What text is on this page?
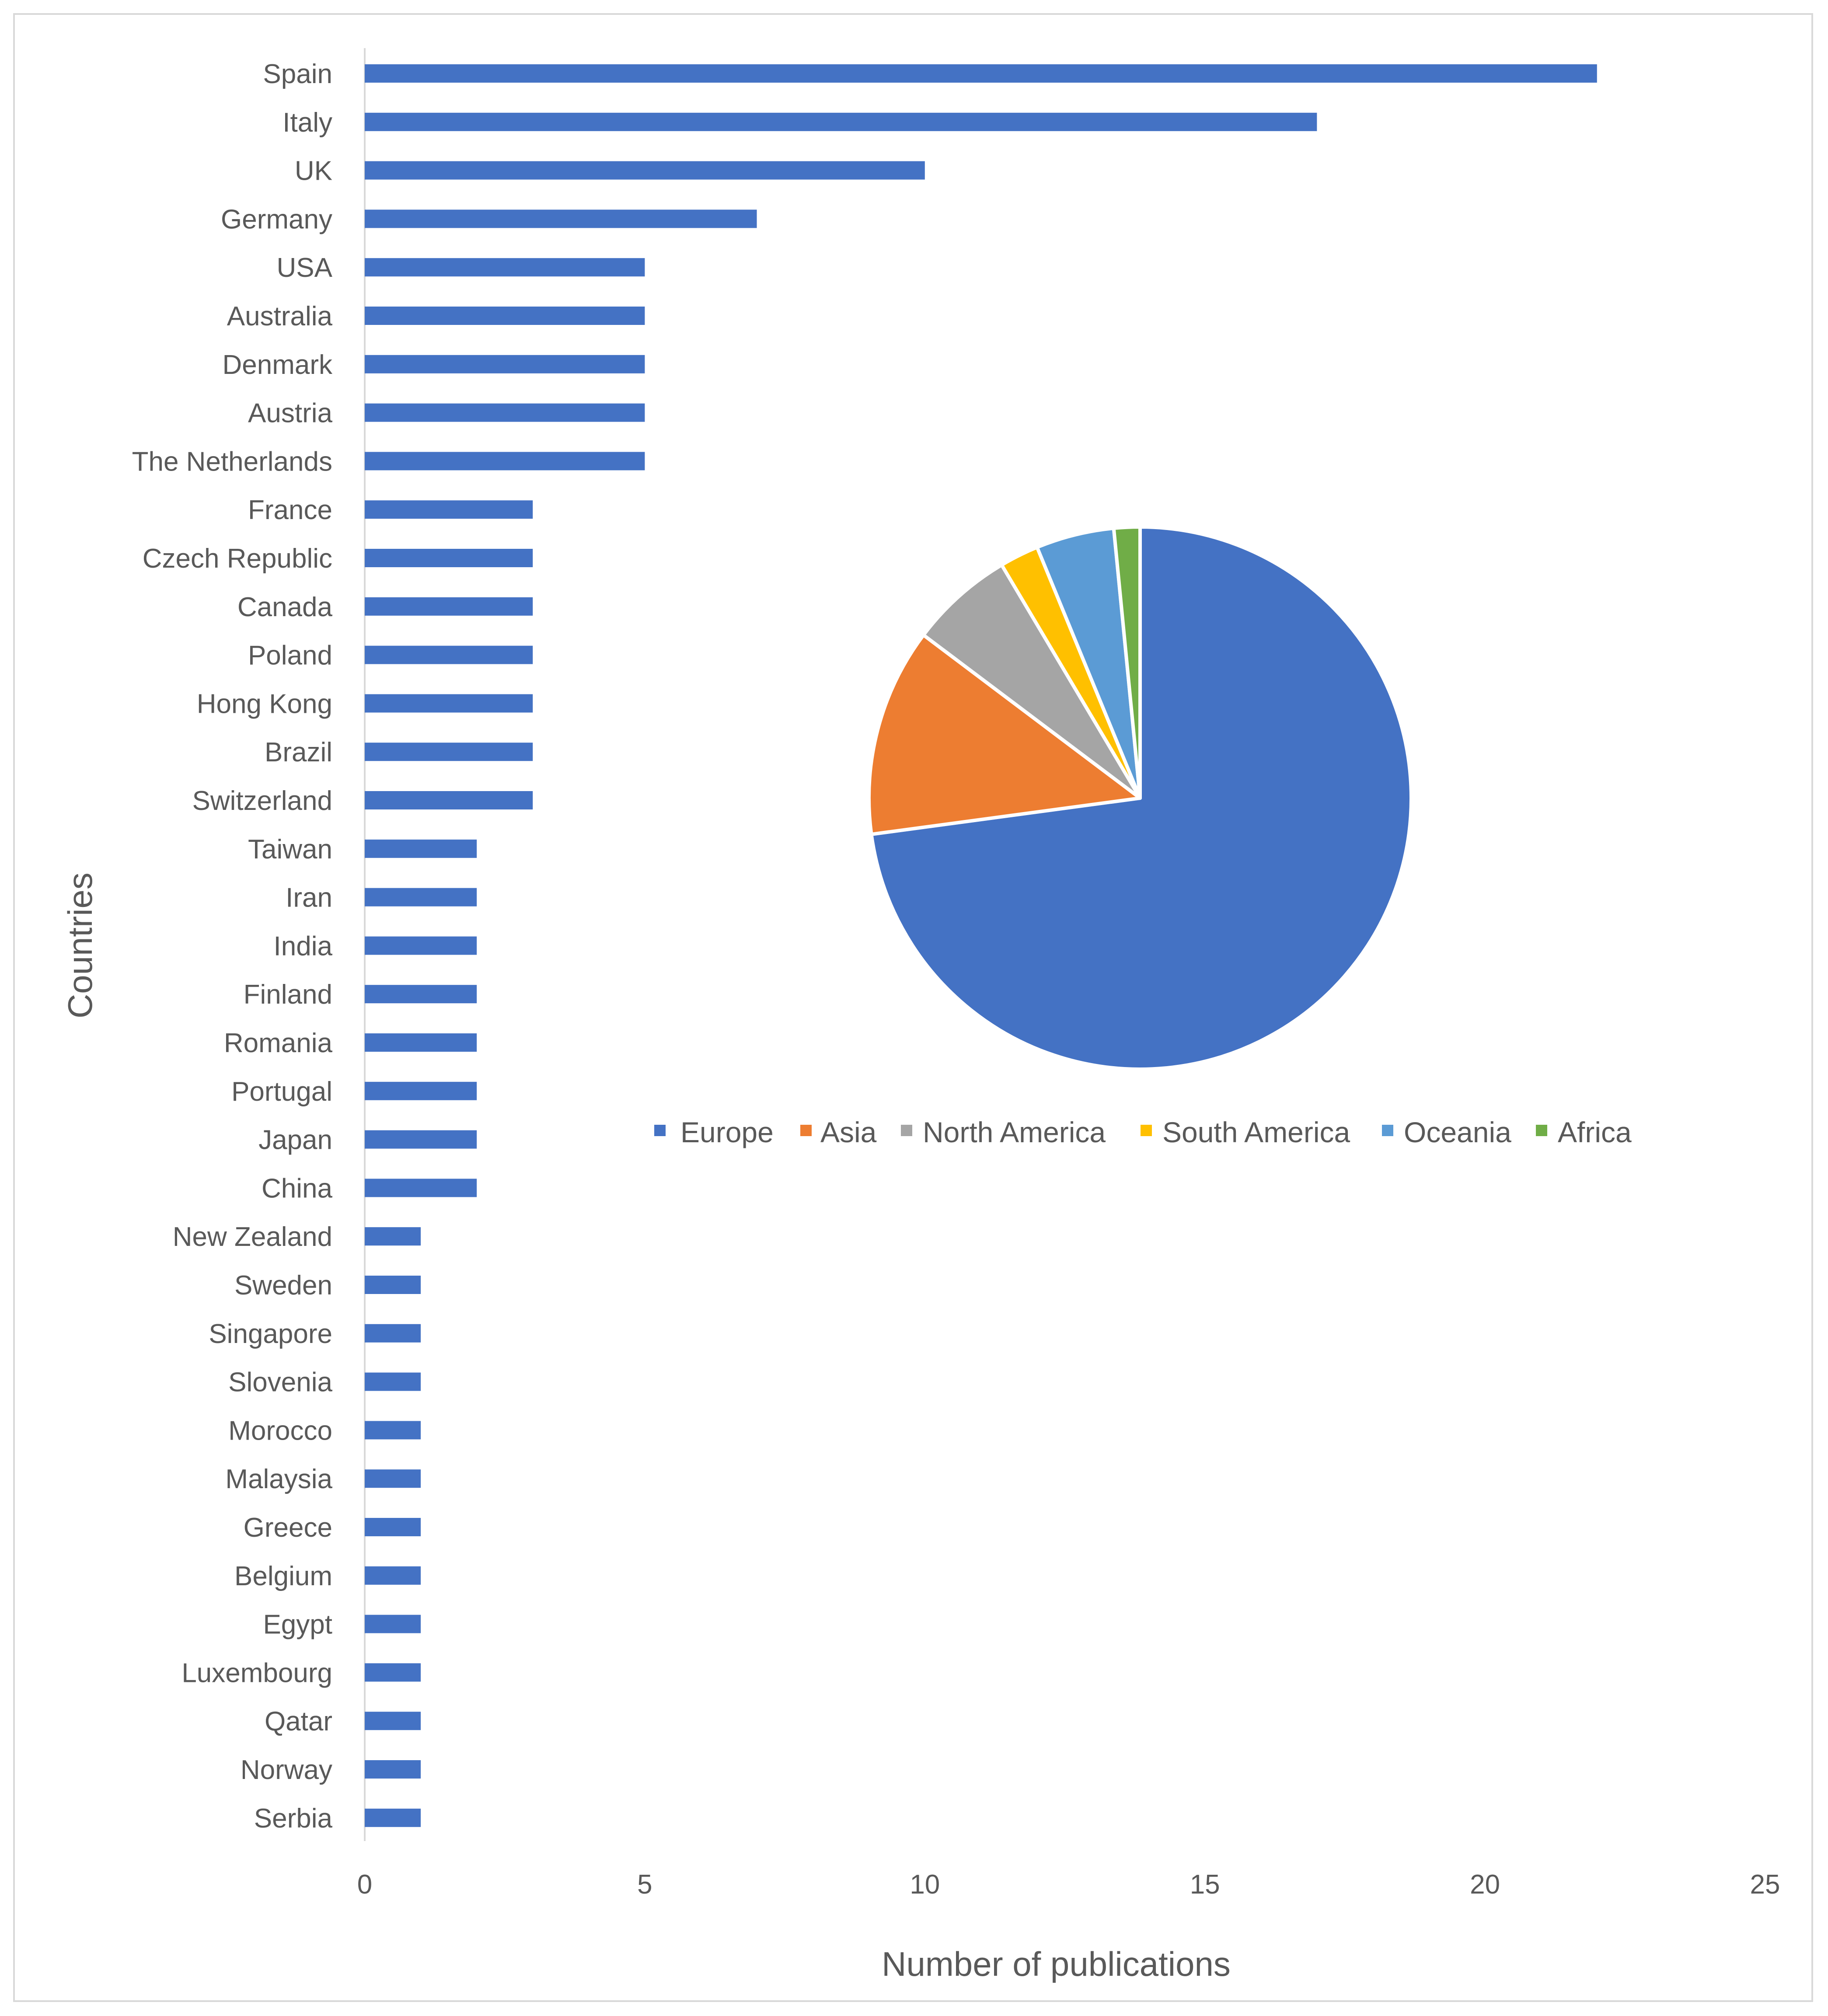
Spain
Italy
UK
Germany
USA
Australia
Denmark
Austria
The Netherlands
France
Czech Republic
Canada
Poland
Hong Kong
Brazil
Switzerland
Taiwan
Iran
India
Finland
Romania
Portugal
Japan
China
New Zealand
Sweden
Singapore
Slovenia
Morocco
Malaysia
Greece
Belgium
Egypt
Luxembourg
Qatar
Norway
Serbia
0	5	10	15	20	25
Number of publications
Countries
Europe Asia North America South America Oceania Africa
